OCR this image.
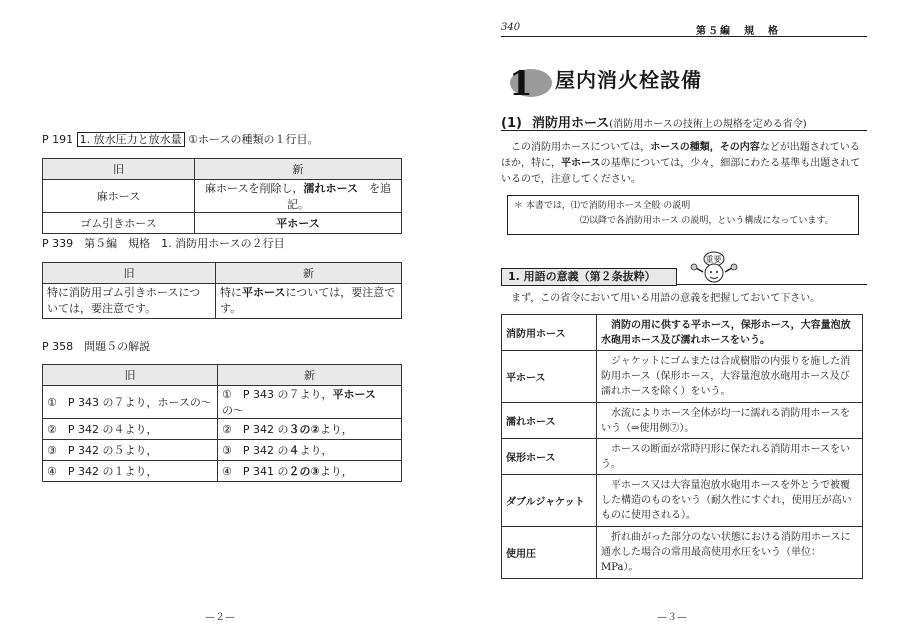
P 191 1. 放水圧力と放水量 ①ホースの種類の１行目。
旧	新
麻ホース	麻ホースを削除し，濡れホース　 を追記。
ゴム引きホース	平ホース
P 339　第５編　規格　1. 消防用ホースの２行目
旧	新
特に消防用ゴム引きホースについては，要注意です。	特に平ホースについては，要注意です。
P 358　問題５の解説
旧	新
①　P 343 の７より，ホースの〜	①　P 343 の７より，平ホースの〜
②　P 342 の４より，	②　P 342 の３の②より，
③　P 342 の５より，	③　P 342 の４より，
④　P 342 の１より，	④　P 341 の２の③より，
—２—
340	第５編　規　格
1 屋内消火栓設備
(1) 消防用ホース(消防用ホースの技術上の規格を定める省令)
この消防用ホースについては，ホースの種類，その内容などが出題されているほか，特に，平ホースの基準については，少々，細部にわたる基準も出題されているので，注意してください。
＊ 本書では，⑴で消防用ホース全般 の説明
⑵以降で各消防用ホース の説明，という構成になっています。
重要
1. 用語の意義（第２条抜粋）
まず，この省令において用いる用語の意義を把握しておいて下さい。
消防用ホース	消防の用に供する平ホース，保形ホース，大容量泡放水砲用ホース及び濡れホースをいう。
平ホース	ジャケットにゴムまたは合成樹脂の内張りを施した消防用ホース（保形ホース，大容量泡放水砲用ホース及び濡れホースを除く）をいう。
濡れホース	水流によりホース全体が均一に濡れる消防用ホースをいう（⇒使用例⑦）。
保形ホース	ホースの断面が常時円形に保たれる消防用ホースをいう。
ダブルジャケット	平ホース又は大容量泡放水砲用ホースを外とうで被覆した構造のものをいう（耐久性にすぐれ，使用圧が高いものに使用される）。
使用圧	折れ曲がった部分のない状態における消防用ホースに通水した場合の常用最高使用水圧をいう（単位：MPa）。
—３—
